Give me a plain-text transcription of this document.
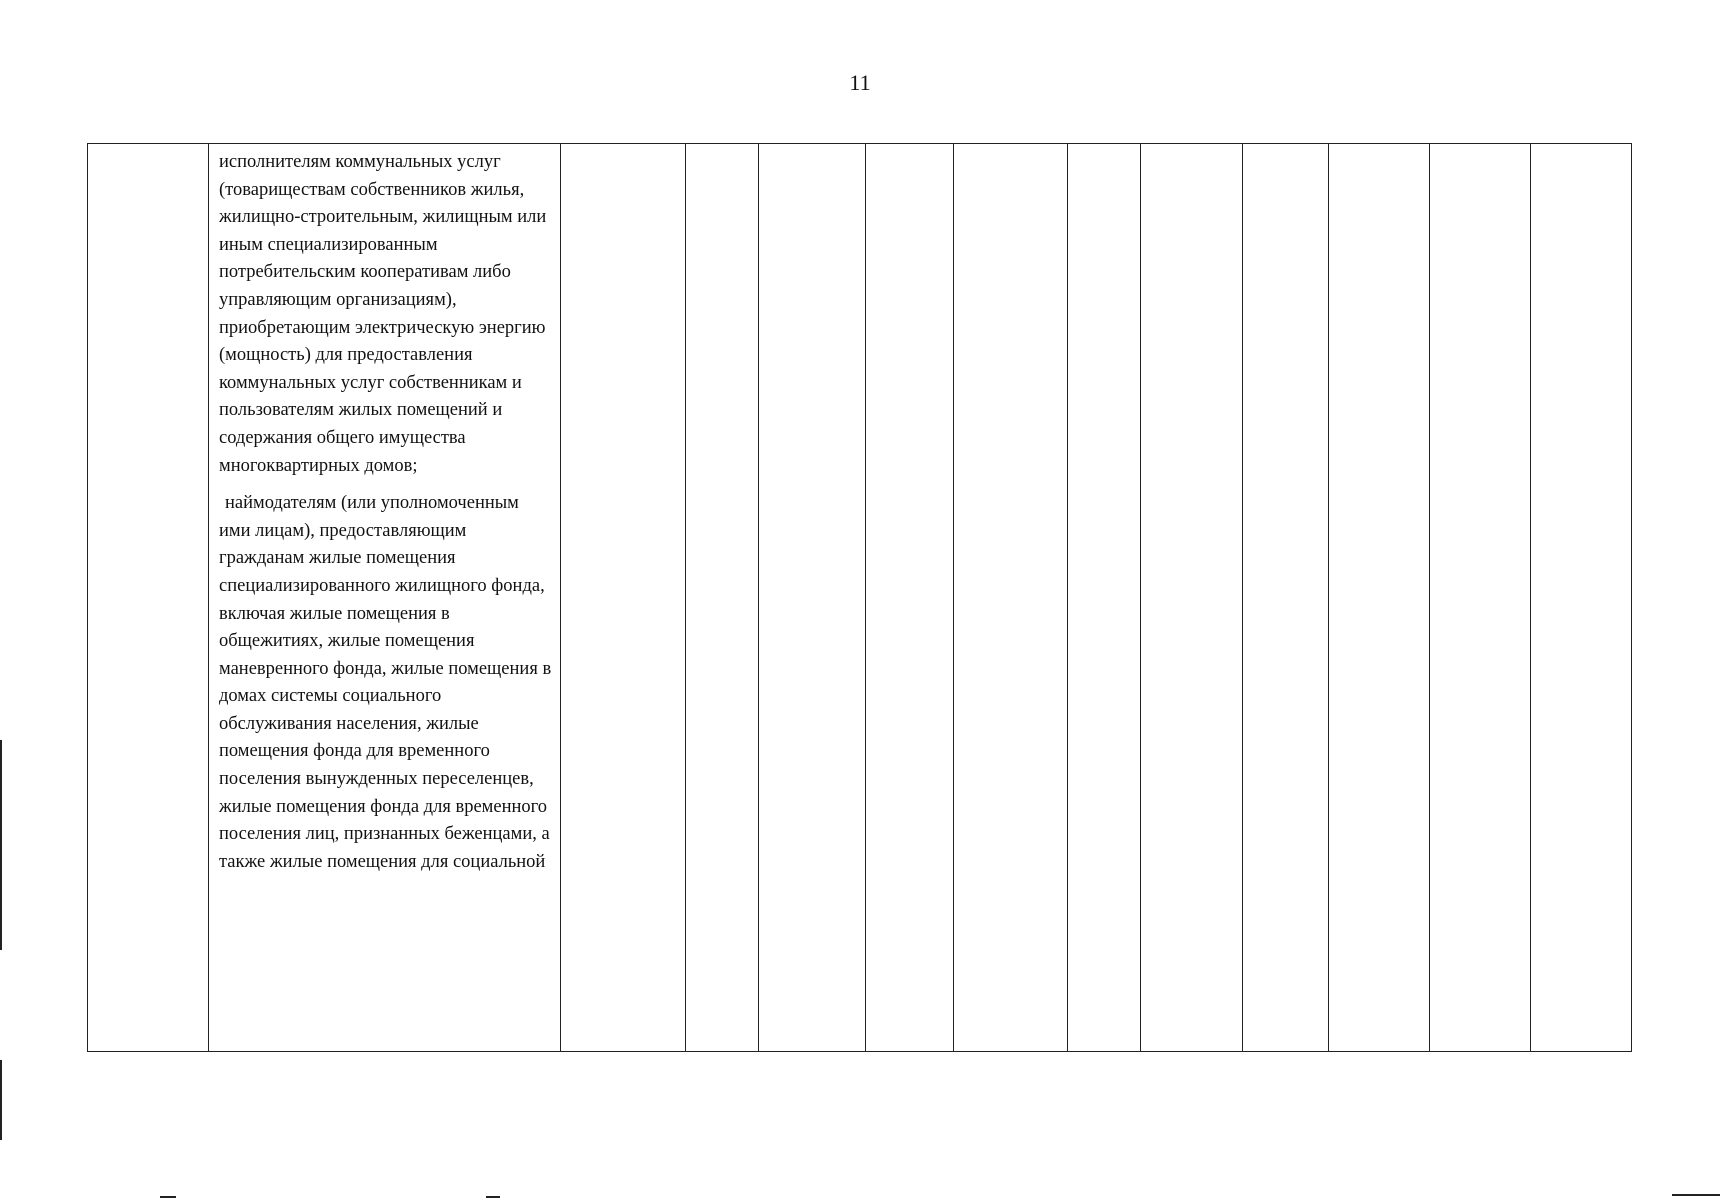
11

исполнителям коммунальных услуг (товариществам собственников жилья, жилищно-строительным, жилищным или иным специализированным потребительским кооперативам либо управляющим организациям), приобретающим электрическую энергию (мощность) для предоставления коммунальных услуг собственникам и пользователям жилых помещений и содержания общего имущества многоквартирных домов;

наймодателям (или уполномоченным ими лицам), предоставляющим гражданам жилые помещения специализированного жилищного фонда, включая жилые помещения в общежитиях, жилые помещения маневренного фонда, жилые помещения в домах системы социального обслуживания населения, жилые помещения фонда для временного поселения вынужденных переселенцев, жилые помещения фонда для временного поселения лиц, признанных беженцами, а также жилые помещения для социальной
